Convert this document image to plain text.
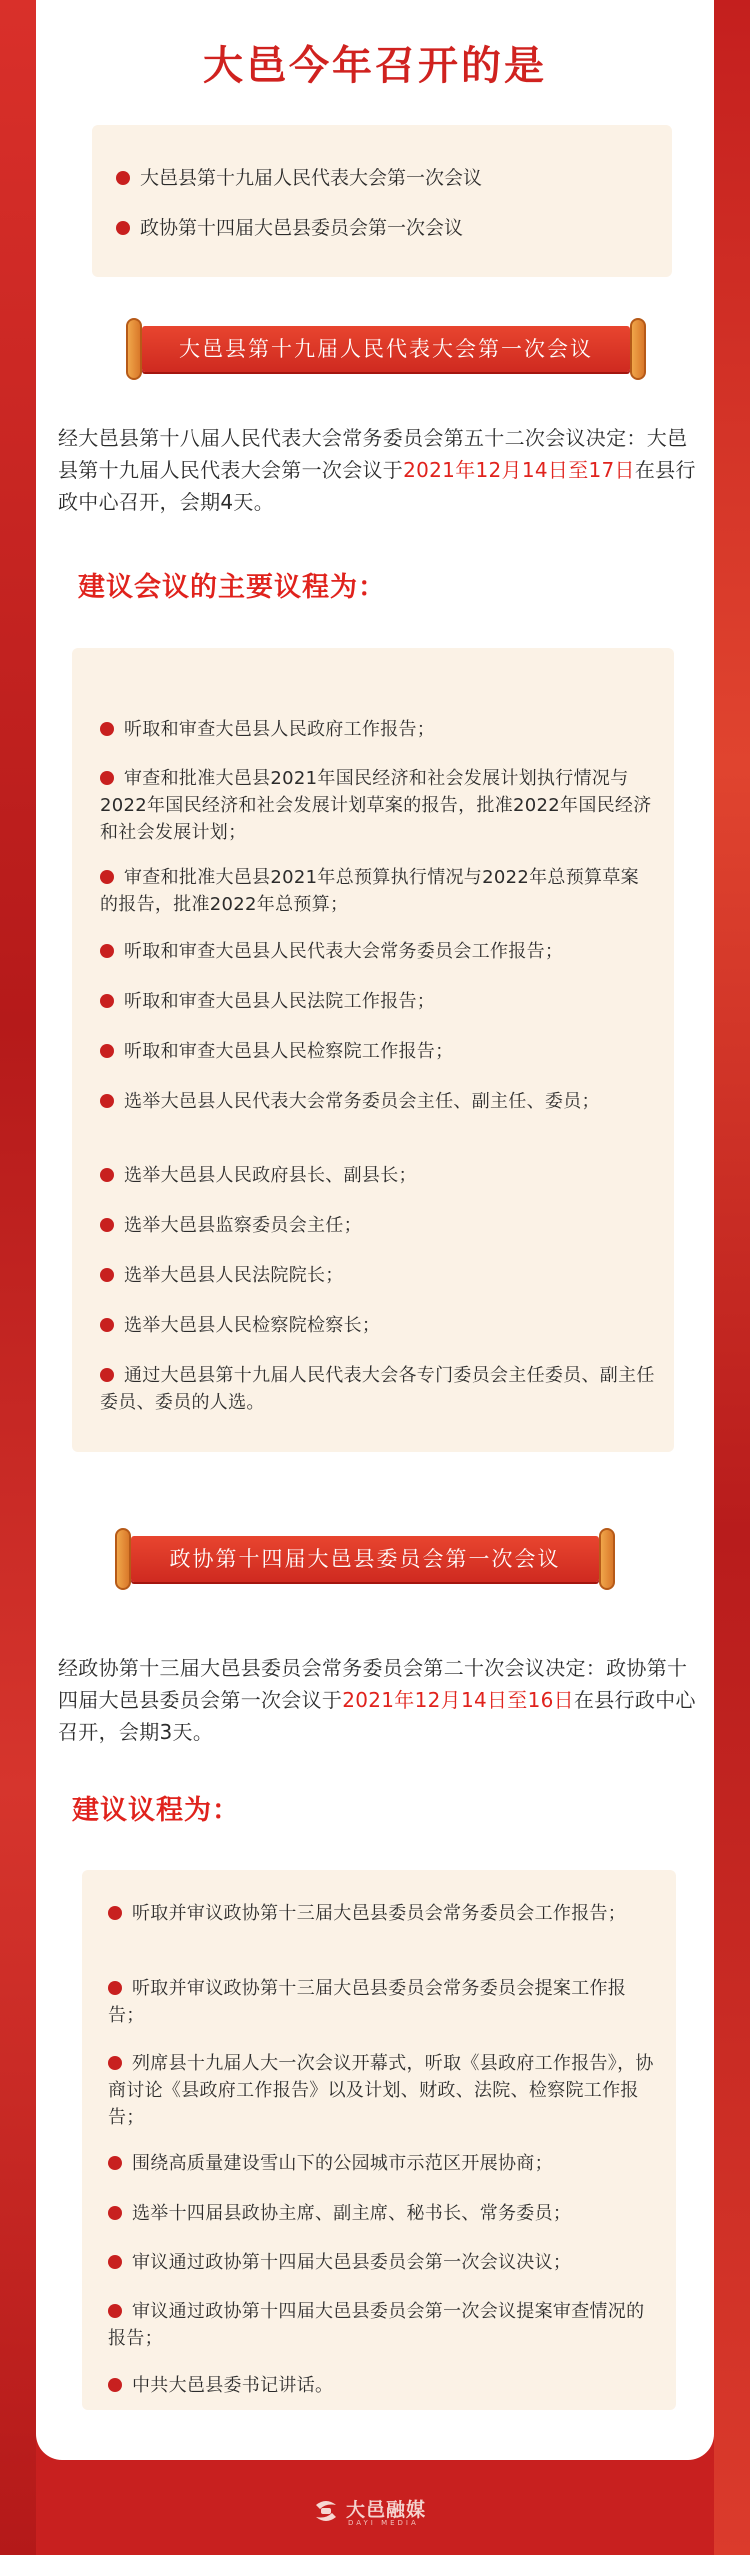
大邑今年召开的是
大邑县第十九届人民代表大会第一次会议
政协第十四届大邑县委员会第一次会议
大邑县第十九届人民代表大会第一次会议
经大邑县第十八届人民代表大会常务委员会第五十二次会议决定：大邑县第十九届人民代表大会第一次会议于2021年12月14日至17日在县行政中心召开，会期4天。
建议会议的主要议程为：
听取和审查大邑县人民政府工作报告；
审查和批准大邑县2021年国民经济和社会发展计划执行情况与2022年国民经济和社会发展计划草案的报告，批准2022年国民经济和社会发展计划；
审查和批准大邑县2021年总预算执行情况与2022年总预算草案的报告，批准2022年总预算；
听取和审查大邑县人民代表大会常务委员会工作报告；
听取和审查大邑县人民法院工作报告；
听取和审查大邑县人民检察院工作报告；
选举大邑县人民代表大会常务委员会主任、副主任、委员；
选举大邑县人民政府县长、副县长；
选举大邑县监察委员会主任；
选举大邑县人民法院院长；
选举大邑县人民检察院检察长；
通过大邑县第十九届人民代表大会各专门委员会主任委员、副主任委员、委员的人选。
政协第十四届大邑县委员会第一次会议
经政协第十三届大邑县委员会常务委员会第二十次会议决定：政协第十四届大邑县委员会第一次会议于2021年12月14日至16日在县行政中心召开，会期3天。
建议议程为：
听取并审议政协第十三届大邑县委员会常务委员会工作报告；
听取并审议政协第十三届大邑县委员会常务委员会提案工作报告；
列席县十九届人大一次会议开幕式，听取《县政府工作报告》，协商讨论《县政府工作报告》以及计划、财政、法院、检察院工作报告；
围绕高质量建设雪山下的公园城市示范区开展协商；
选举十四届县政协主席、副主席、秘书长、常务委员；
审议通过政协第十四届大邑县委员会第一次会议决议；
审议通过政协第十四届大邑县委员会第一次会议提案审查情况的报告；
中共大邑县委书记讲话。
大邑融媒
DAYI MEDIA
